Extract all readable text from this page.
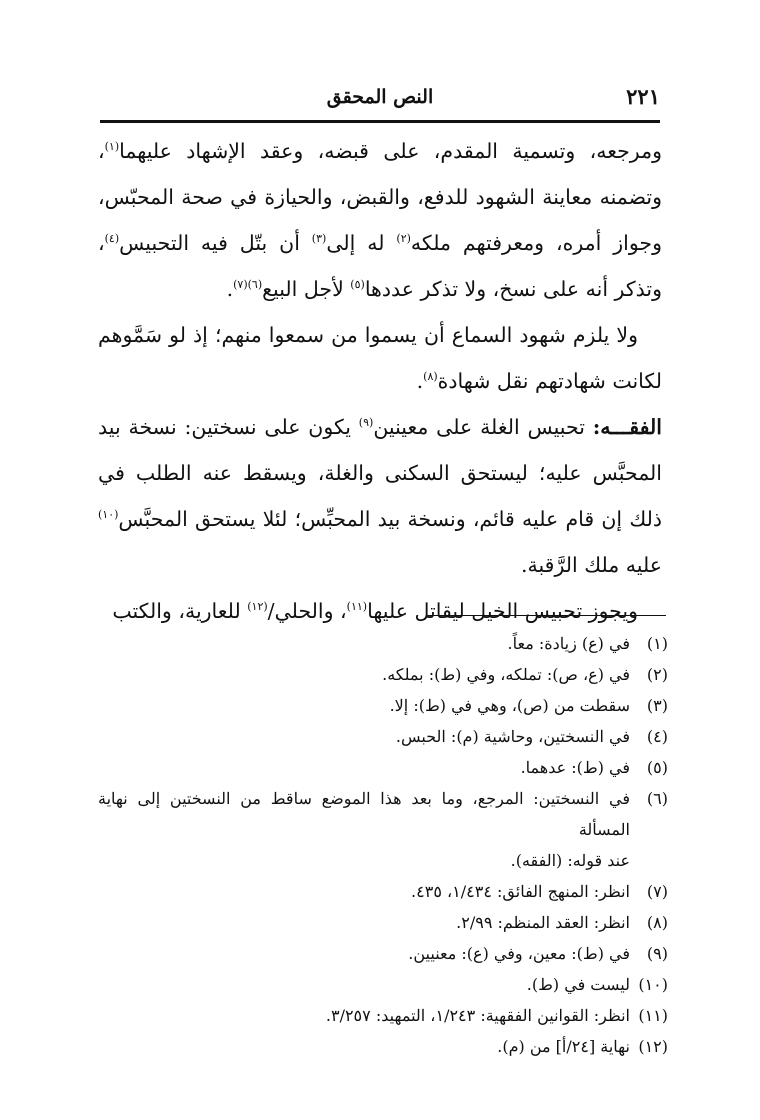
النص المحقق	٢٢١

ومرجعه، وتسمية المقدم، على قبضه، وعقد الإشهاد عليهما$^{(١)}$، وتضمنه معاينة الشهود للدفع، والقبض، والحيازة في صحة المحبّس، وجواز أمره، ومعرفتهم ملكه$^{(٢)}$ له إلى$^{(٣)}$ أن بتّل فيه التحبيس$^{(٤)}$، وتذكر أنه على نسخ، ولا تذكر عددها$^{(٥)}$ لأجل البيع$^{(٦)(٧)}$.

ولا يلزم شهود السماع أن يسموا من سمعوا منهم؛ إذ لو سَمَّوهم لكانت شهادتهم نقل شهادة$^{(٨)}$.

الفقـــه: تحبيس الغلة على معينين$^{(٩)}$ يكون على نسختين: نسخة بيد المحبَّس عليه؛ ليستحق السكنى والغلة، ويسقط عنه الطلب في ذلك إن قام عليه قائم، ونسخة بيد المحبِّس؛ لئلا يستحق المحبَّس$^{(١٠)}$ عليه ملك الرَّقبة.

ويجوز تحبيس الخيل ليقاتل عليها$^{(١١)}$، والحلي/$^{(١٢)}$ للعارية، والكتب

(١)
في (ع) زيادة: معاً.
(٢)
في (ع، ص): تملكه، وفي (ط): بملكه.
(٣)
سقطت من (ص)، وهي في (ط): إلا.
(٤)
في النسختين، وحاشية (م): الحبس.
(٥)
في (ط): عدهما.
(٦)
في النسختين: المرجع، وما بعد هذا الموضع ساقط من النسختين إلى نهاية المسألة
عند قوله: (الفقه).
(٧)
انظر: المنهج الفائق: ١/٤٣٤، ٤٣٥.
(٨)
انظر: العقد المنظم: ٢/٩٩.
(٩)
في (ط): معين، وفي (ع): معنيين.
(١٠)
ليست في (ط).
(١١)
انظر: القوانين الفقهية: ١/٢٤٣، التمهيد: ٣/٢٥٧.
(١٢)
نهاية [٢٤/أ] من (م).
